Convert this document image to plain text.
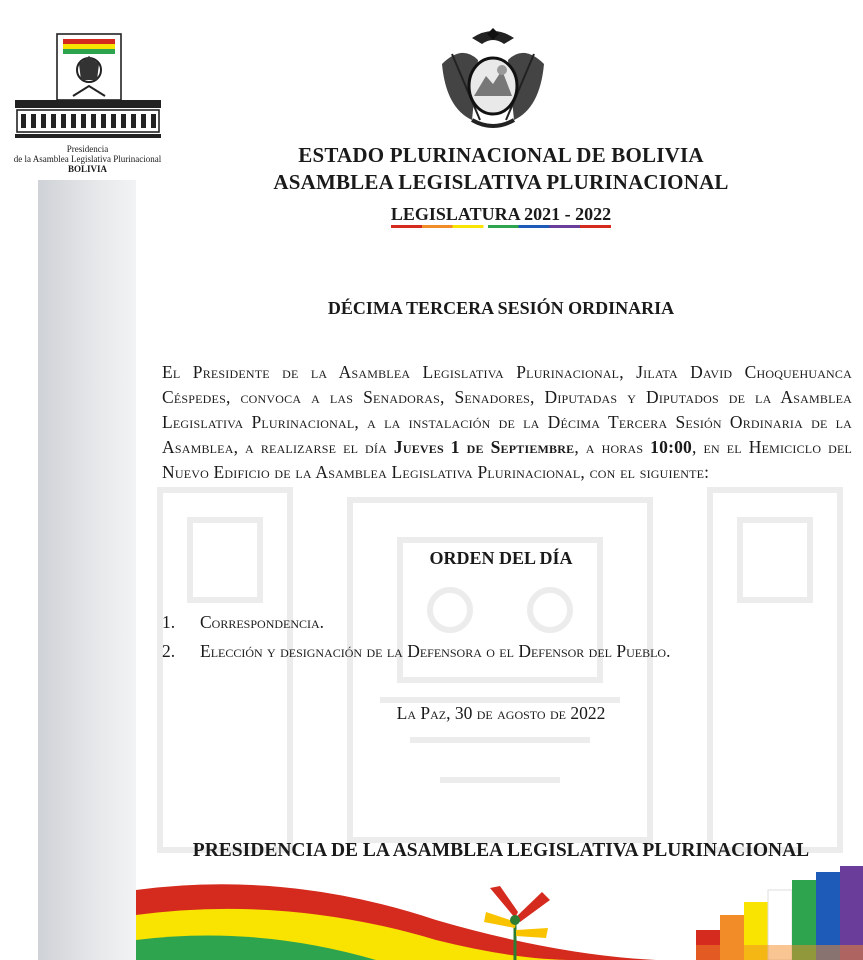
Presidencia
de la Asamblea Legislativa Plurinacional
BOLIVIA
ESTADO PLURINACIONAL DE BOLIVIA
ASAMBLEA LEGISLATIVA PLURINACIONAL
LEGISLATURA 2021 - 2022
DÉCIMA TERCERA SESIÓN ORDINARIA
El Presidente de la Asamblea Legislativa Plurinacional, Jilata David Choquehuanca Céspedes, convoca a las Senadoras, Senadores, Diputadas y Diputados de la Asamblea Legislativa Plurinacional, a la instalación de la Décima Tercera Sesión Ordinaria de la Asamblea, a realizarse el día Jueves 1 de Septiembre, a horas 10:00, en el Hemiciclo del Nuevo Edificio de la Asamblea Legislativa Plurinacional, con el siguiente:
ORDEN DEL DÍA
1. Correspondencia.
2. Elección y designación de la Defensora o el Defensor del Pueblo.
La Paz, 30 de agosto de 2022
PRESIDENCIA DE LA ASAMBLEA LEGISLATIVA PLURINACIONAL
